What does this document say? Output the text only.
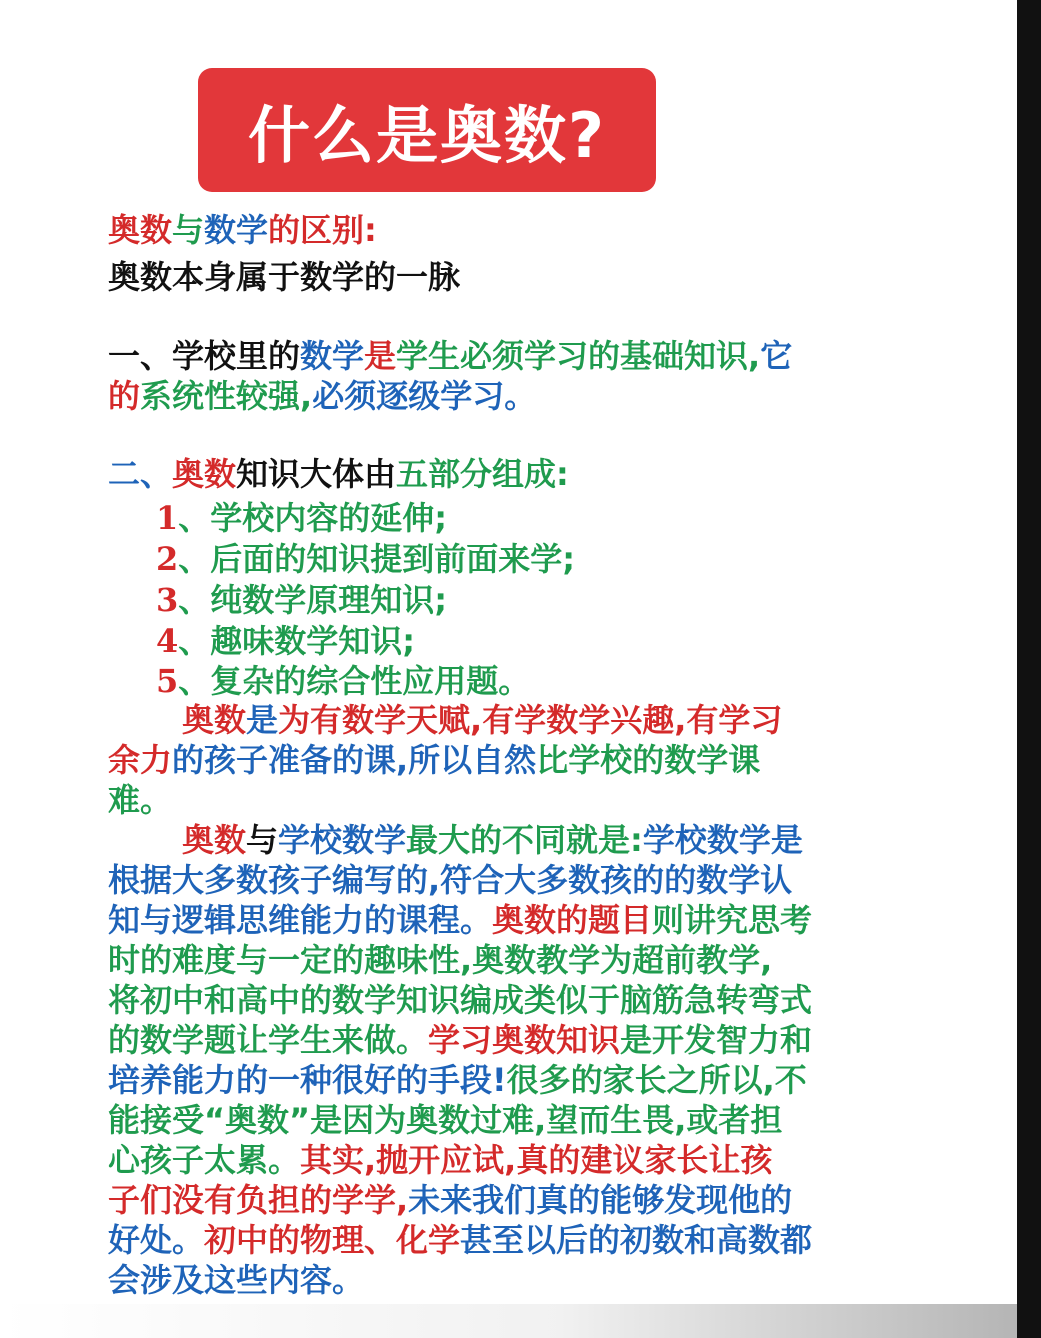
什么是奥数?
奥数与数学的区别:
奥数本身属于数学的一脉
一、学校里的数学是学生必须学习的基础知识,它
的系统性较强,必须逐级学习。
二、奥数知识大体由五部分组成:
1、学校内容的延伸;
2、后面的知识提到前面来学;
3、纯数学原理知识;
4、趣味数学知识;
5、复杂的综合性应用题。
奥数是为有数学天赋,有学数学兴趣,有学习
余力的孩子准备的课,所以自然比学校的数学课
难。
奥数与学校数学最大的不同就是:学校数学是
根据大多数孩子编写的,符合大多数孩的的数学认
知与逻辑思维能力的课程。奥数的题目则讲究思考
时的难度与一定的趣味性,奥数教学为超前教学,
将初中和高中的数学知识编成类似于脑筋急转弯式
的数学题让学生来做。学习奥数知识是开发智力和
培养能力的一种很好的手段!很多的家长之所以,不
能接受“奥数”是因为奥数过难,望而生畏,或者担
心孩子太累。其实,抛开应试,真的建议家长让孩
子们没有负担的学学,未来我们真的能够发现他的
好处。初中的物理、化学甚至以后的初数和高数都
会涉及这些内容。
